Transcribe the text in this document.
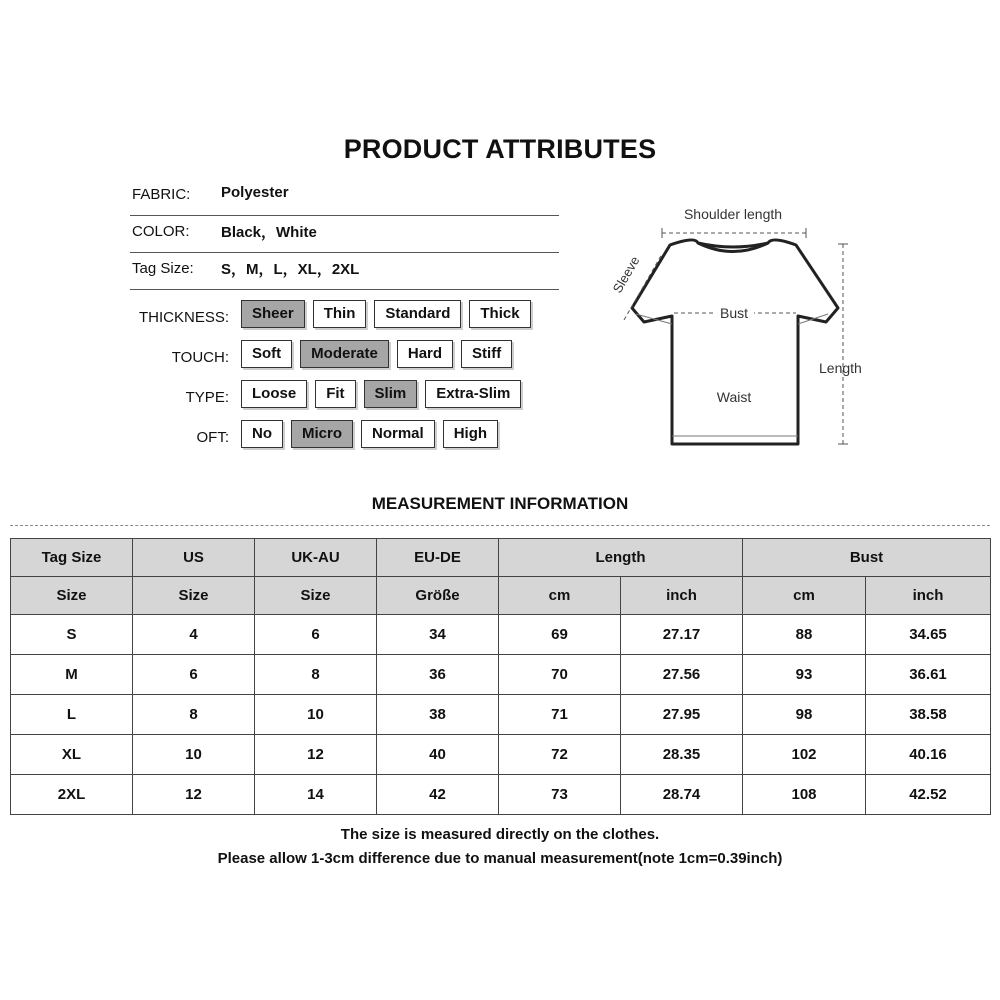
PRODUCT ATTRIBUTES
FABRIC: Polyester
COLOR: Black，White
Tag Size: S，M，L，XL，2XL
THICKNESS:	Sheer	Thin	Standard	Thick
TOUCH:	Soft	Moderate	Hard	Stiff
TYPE:	Loose	Fit	Slim	Extra-Slim
OFT:	No	Micro	Normal	High
Shoulder length
Sleeve
Bust
Length
Waist
MEASUREMENT INFORMATION
Tag Size	US	UK-AU	EU-DE	Length		Bust	
Size	Size	Size	Größe	cm	inch	cm	inch
S	4	6	34	69	27.17	88	34.65
M	6	8	36	70	27.56	93	36.61
L	8	10	38	71	27.95	98	38.58
XL	10	12	40	72	28.35	102	40.16
2XL	12	14	42	73	28.74	108	42.52
The size is measured directly on the clothes.
Please allow 1-3cm difference due to manual measurement(note 1cm=0.39inch)
